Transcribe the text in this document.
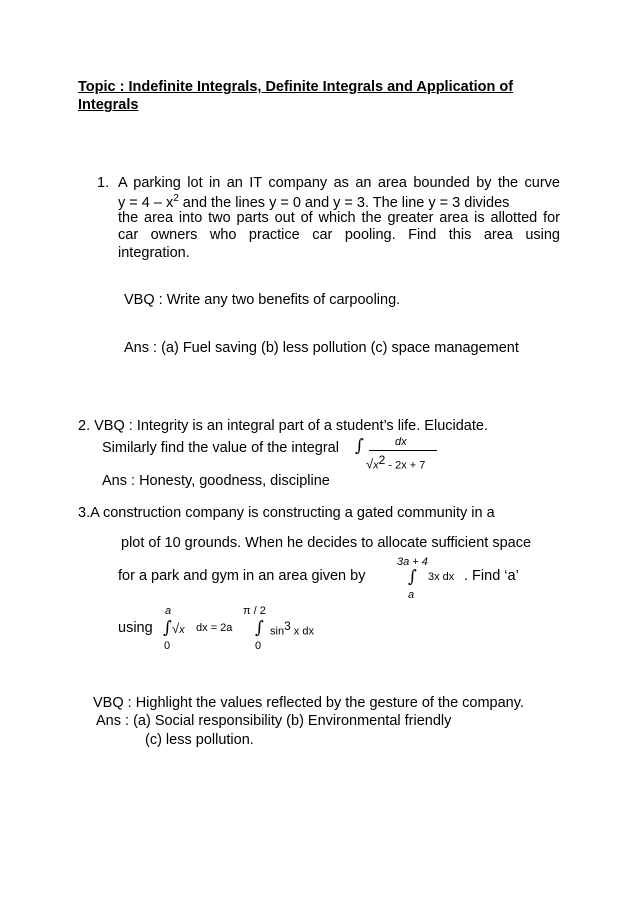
Topic : Indefinite Integrals, Definite Integrals and Application of
Integrals
1. A parking lot in an IT company as an area bounded by the curve
$y = 4 - x^2$ and the lines y = 0 and y = 3. The line y = 3 divides
the area into two parts out of which the greater area is allotted for
car owners who practice car pooling. Find this area using
integration.
VBQ : Write any two benefits of carpooling.
Ans : (a) Fuel saving (b) less pollution (c) space management
2. VBQ : Integrity is an integral part of a student’s life. Elucidate.
Similarly find the value of the integral ∫	dx
$√x^2 - 2x + 7$
Ans : Honesty, goodness, discipline
3.A construction company is constructing a gated community in a
plot of 10 grounds. When he decides to allocate sufficient space
3a + 4
for a park and gym in an area given by	∫ 3x dx . Find ‘a’
a
a	π / 2
using ∫ √x dx = 2a ∫ $\sin^3 x$ dx
0	0
VBQ : Highlight the values reflected by the gesture of the company.
Ans : (a) Social responsibility (b) Environmental friendly
(c) less pollution.
